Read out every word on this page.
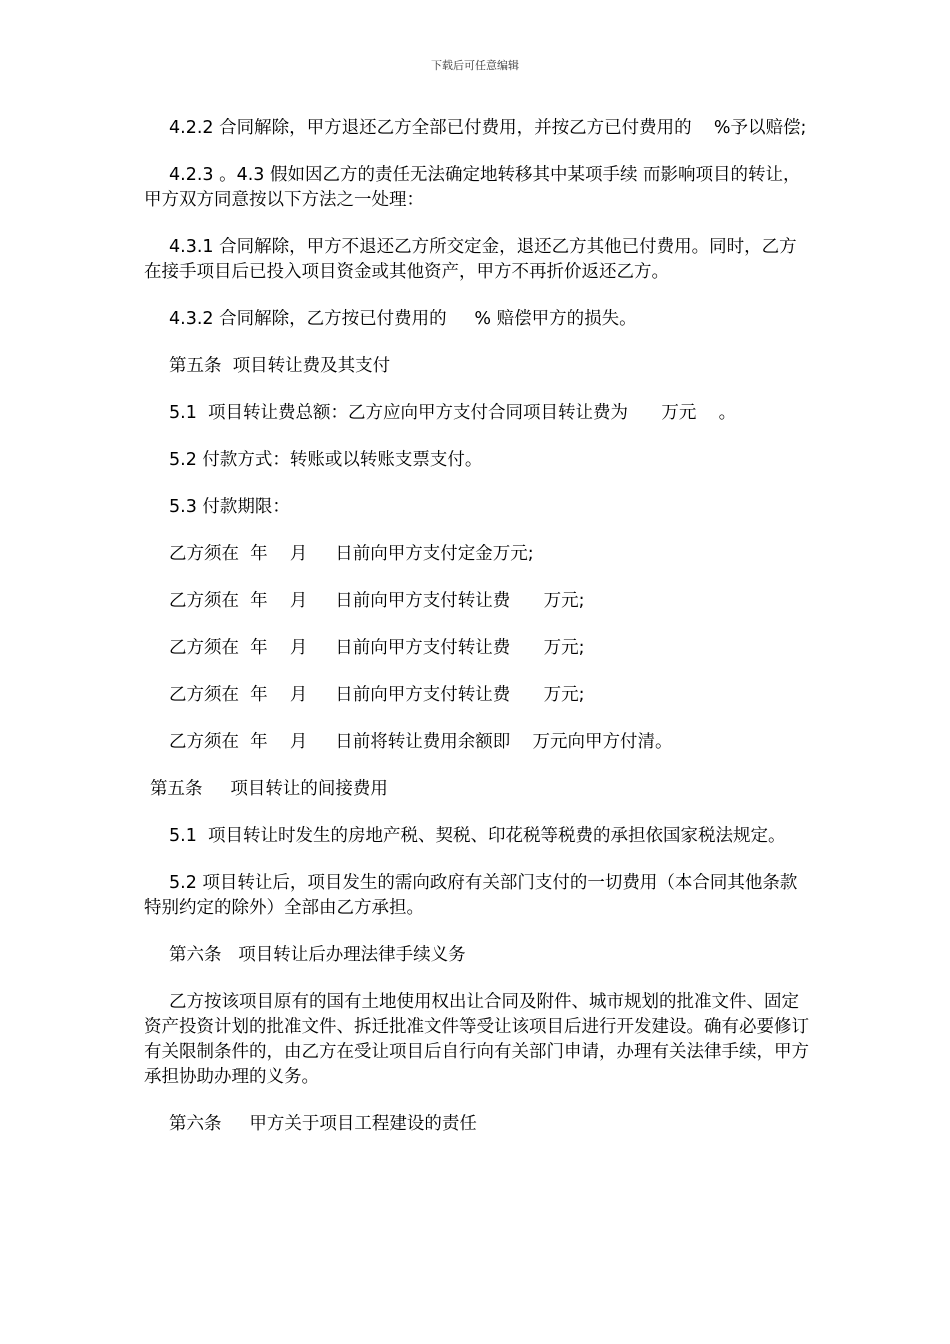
下载后可任意编辑

4.2.2 合同解除，甲方退还乙方全部已付费用，并按乙方已付费用的    %予以赔偿;

4.2.3 。4.3 假如因乙方的责任无法确定地转移其中某项手续 而影响项目的转让，甲方双方同意按以下方法之一处理：

4.3.1 合同解除，甲方不退还乙方所交定金，退还乙方其他已付费用。同时，乙方在接手项目后已投入项目资金或其他资产，甲方不再折价返还乙方。

4.3.2 合同解除，乙方按已付费用的     % 赔偿甲方的损失。

第五条  项目转让费及其支付

5.1  项目转让费总额：乙方应向甲方支付合同项目转让费为      万元    。

5.2 付款方式：转账或以转账支票支付。

5.3 付款期限：

乙方须在  年    月     日前向甲方支付定金万元;

乙方须在  年    月     日前向甲方支付转让费      万元;

乙方须在  年    月     日前向甲方支付转让费      万元;

乙方须在  年    月     日前向甲方支付转让费      万元;

乙方须在  年    月     日前将转让费用余额即    万元向甲方付清。

第五条     项目转让的间接费用

5.1  项目转让时发生的房地产税、契税、印花税等税费的承担依国家税法规定。

5.2 项目转让后，项目发生的需向政府有关部门支付的一切费用（本合同其他条款特别约定的除外）全部由乙方承担。

第六条   项目转让后办理法律手续义务

乙方按该项目原有的国有土地使用权出让合同及附件、城市规划的批准文件、固定资产投资计划的批准文件、拆迁批准文件等受让该项目后进行开发建设。确有必要修订有关限制条件的，由乙方在受让项目后自行向有关部门申请，办理有关法律手续，甲方承担协助办理的义务。

第六条     甲方关于项目工程建设的责任
